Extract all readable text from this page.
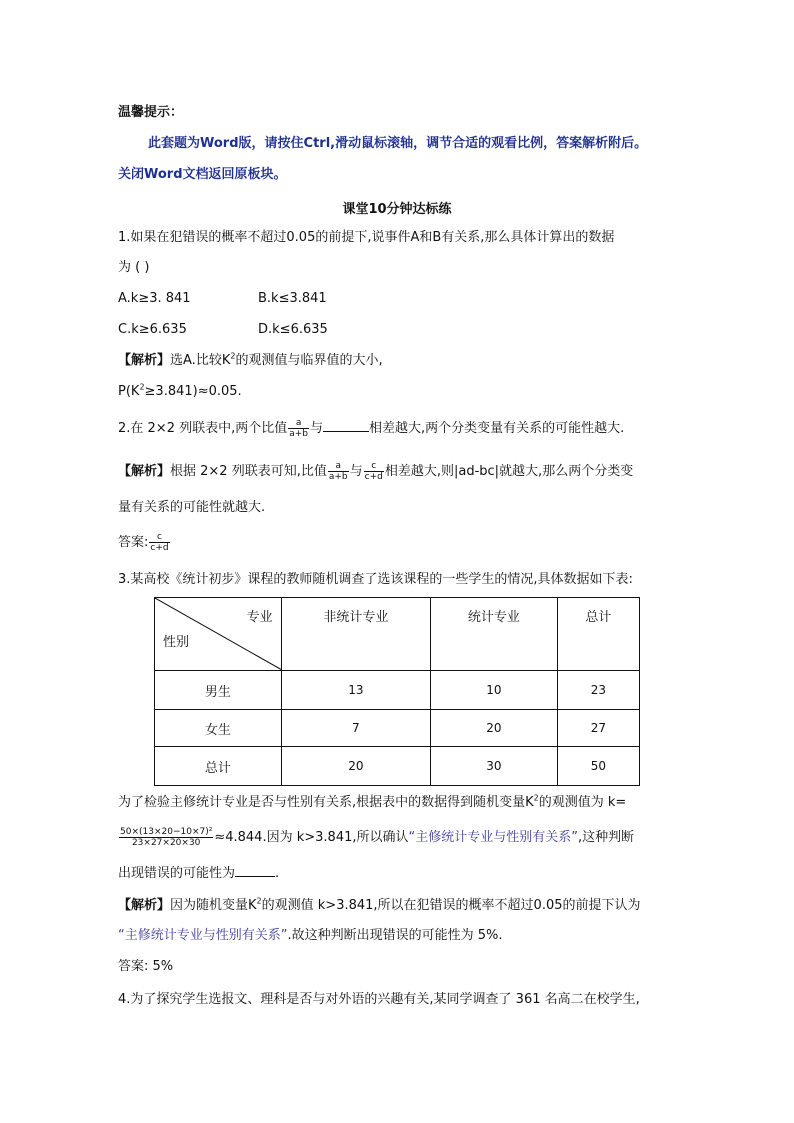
温馨提示：
此套题为Word版，请按住Ctrl,滑动鼠标滚轴，调节合适的观看比例，答案解析附后。
关闭Word文档返回原板块。
课堂10分钟达标练
1.如果在犯错误的概率不超过0.05的前提下,说事件A和B有关系,那么具体计算出的数据
为 ( )
A.k≥3. 841	B.k≤3.841
C.k≥6.635	D.k≤6.635
【解析】选A.比较$K^2$的观测值与临界值的大小,
$P(K^2\ge 3.841)\approx 0.05$.
2.在 2×2 列联表中,两个比值 $\frac{a}{a+b}$ 与	相差越大,两个分类变量有关系的可能性越大.
【解析】根据 2×2 列联表可知,比值 $\frac{a}{a+b}$ 与 $\frac{c}{c+d}$ 相差越大,则|ad-bc|就越大,那么两个分类变
量有关系的可能性就越大.
答案: $\frac{c}{c+d}$
3.某高校《统计初步》课程的教师随机调查了选该课程的一些学生的情况,具体数据如下表:
专业
性别	非统计专业	统计专业	总计
男生	13	10	23
女生	7	20	27
总计	20	30	50
为了检验主修统计专业是否与性别有关系,根据表中的数据得到随机变量$K^2$的观测值为 k=
$\frac{\text{50×(13×20−10×7)²}}{23\times 27\times 20\times 30} \approx 4.844$.因为 k>3.841,所以确认“主修统计专业与性别有关系”,这种判断
出现错误的可能性为	.
【解析】因为随机变量$K^2$的观测值 k>3.841,所以在犯错误的概率不超过0.05的前提下认为
“主修统计专业与性别有关系”.故这种判断出现错误的可能性为 5%.
答案: 5%
4.为了探究学生选报文、理科是否与对外语的兴趣有关,某同学调查了 361 名高二在校学生,
